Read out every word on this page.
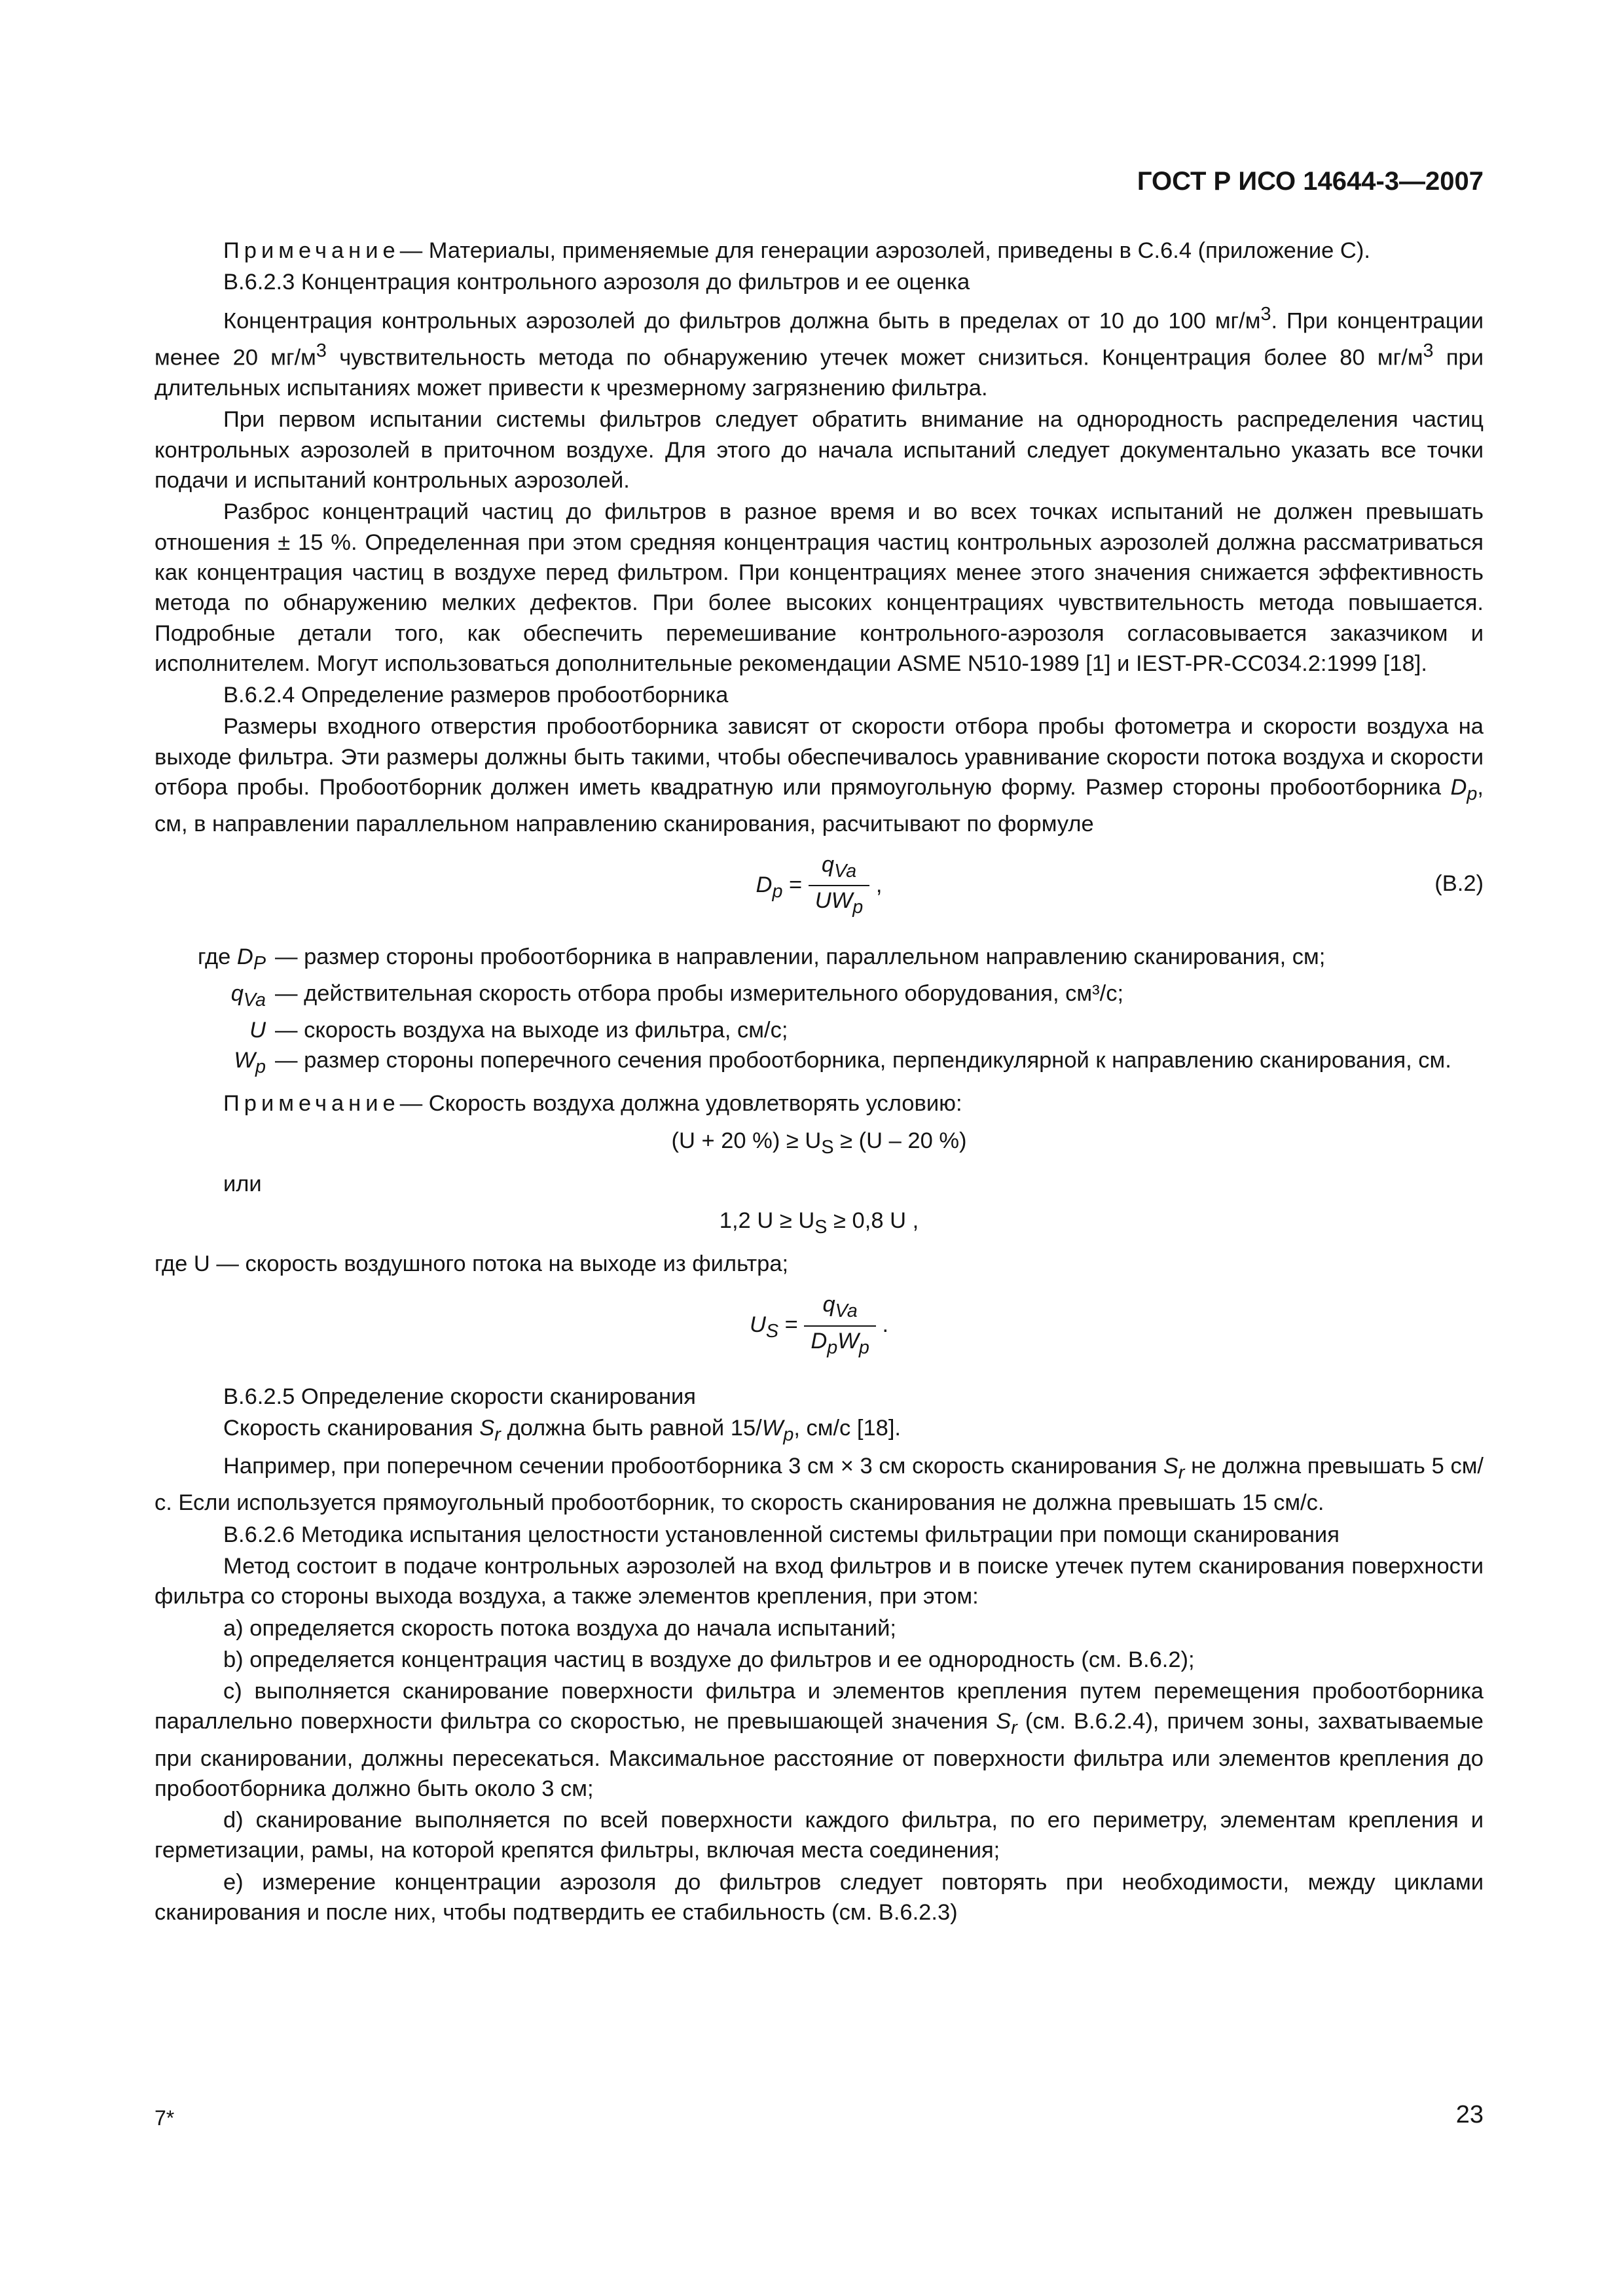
ГОСТ Р ИСО 14644-3—2007

Примечание— Материалы, применяемые для генерации аэрозолей, приведены в С.6.4 (приложение С).

В.6.2.3 Концентрация контрольного аэрозоля до фильтров и ее оценка

Концентрация контрольных аэрозолей до фильтров должна быть в пределах от 10 до 100 $мг/м^3$. При концентрации менее 20 $мг/м^3$ чувствительность метода по обнаружению утечек может снизиться. Концентрация более 80 $мг/м^3$ при длительных испытаниях может привести к чрезмерному загрязнению фильтра.

При первом испытании системы фильтров следует обратить внимание на однородность распределения частиц контрольных аэрозолей в приточном воздухе. Для этого до начала испытаний следует документально указать все точки подачи и испытаний контрольных аэрозолей.

Разброс концентраций частиц до фильтров в разное время и во всех точках испытаний не должен превышать отношения ± 15 %. Определенная при этом средняя концентрация частиц контрольных аэрозолей должна рассматриваться как концентрация частиц в воздухе перед фильтром. При концентрациях менее этого значения снижается эффективность метода по обнаружению мелких дефектов. При более высоких концентрациях чувствительность метода повышается. Подробные детали того, как обеспечить перемешивание контрольного-аэрозоля согласовывается заказчиком и исполнителем. Могут использоваться дополнительные рекомендации ASME N510-1989 [1] и IEST-PR-CC034.2:1999 [18].

В.6.2.4 Определение размеров пробоотборника

Размеры входного отверстия пробоотборника зависят от скорости отбора пробы фотометра и скорости воздуха на выходе фильтра. Эти размеры должны быть такими, чтобы обеспечивалось уравнивание скорости потока воздуха и скорости отбора пробы. Пробоотборник должен иметь квадратную или прямоугольную форму. Размер стороны пробоотборника $D_p$, см, в направлении параллельном направлению сканирования, расчитывают по формуле

$D_p = \frac{q_{Va}}{UW_p}$ ,	(В.2)
где $D_P$ — размер стороны пробоотборника в направлении, параллельном направлению сканирования, см;
$q_{Va}$ — действительная скорость отбора пробы измерительного оборудования, см³/с;
U — скорость воздуха на выходе из фильтра, см/с;
$W_p$ — размер стороны поперечного сечения пробоотборника, перпендикулярной к направлению сканирования, см.

Примечание— Скорость воздуха должна удовлетворять условию:

(U + 20 %) ≥ $U_S \ge (U - 20$ %)

или

1,2 $U \ge U_S \ge 0,8$ U ,

где U — скорость воздушного потока на выходе из фильтра;

$U_S = \frac{q_{Va}}{D_pW_p}$ .

В.6.2.5 Определение скорости сканирования

Скорость сканирования $S_r$ должна быть равной $15/W_p$, см/с [18].

Например, при поперечном сечении пробоотборника 3 см × 3 см скорость сканирования $S_r$ не должна превышать 5 см/с. Если используется прямоугольный пробоотборник, то скорость сканирования не должна превышать 15 см/с.

В.6.2.6 Методика испытания целостности установленной системы фильтрации при помощи сканирования

Метод состоит в подаче контрольных аэрозолей на вход фильтров и в поиске утечек путем сканирования поверхности фильтра со стороны выхода воздуха, а также элементов крепления, при этом:

а) определяется скорость потока воздуха до начала испытаний;

b) определяется концентрация частиц в воздухе до фильтров и ее однородность (см. В.6.2);

с) выполняется сканирование поверхности фильтра и элементов крепления путем перемещения пробоотборника параллельно поверхности фильтра со скоростью, не превышающей значения $S_r$ (см. В.6.2.4), причем зоны, захватываемые при сканировании, должны пересекаться. Максимальное расстояние от поверхности фильтра или элементов крепления до пробоотборника должно быть около 3 см;

d) сканирование выполняется по всей поверхности каждого фильтра, по его периметру, элементам крепления и герметизации, рамы, на которой крепятся фильтры, включая места соединения;

е) измерение концентрации аэрозоля до фильтров следует повторять при необходимости, между циклами сканирования и после них, чтобы подтвердить ее стабильность (см. В.6.2.3)

7*	23
